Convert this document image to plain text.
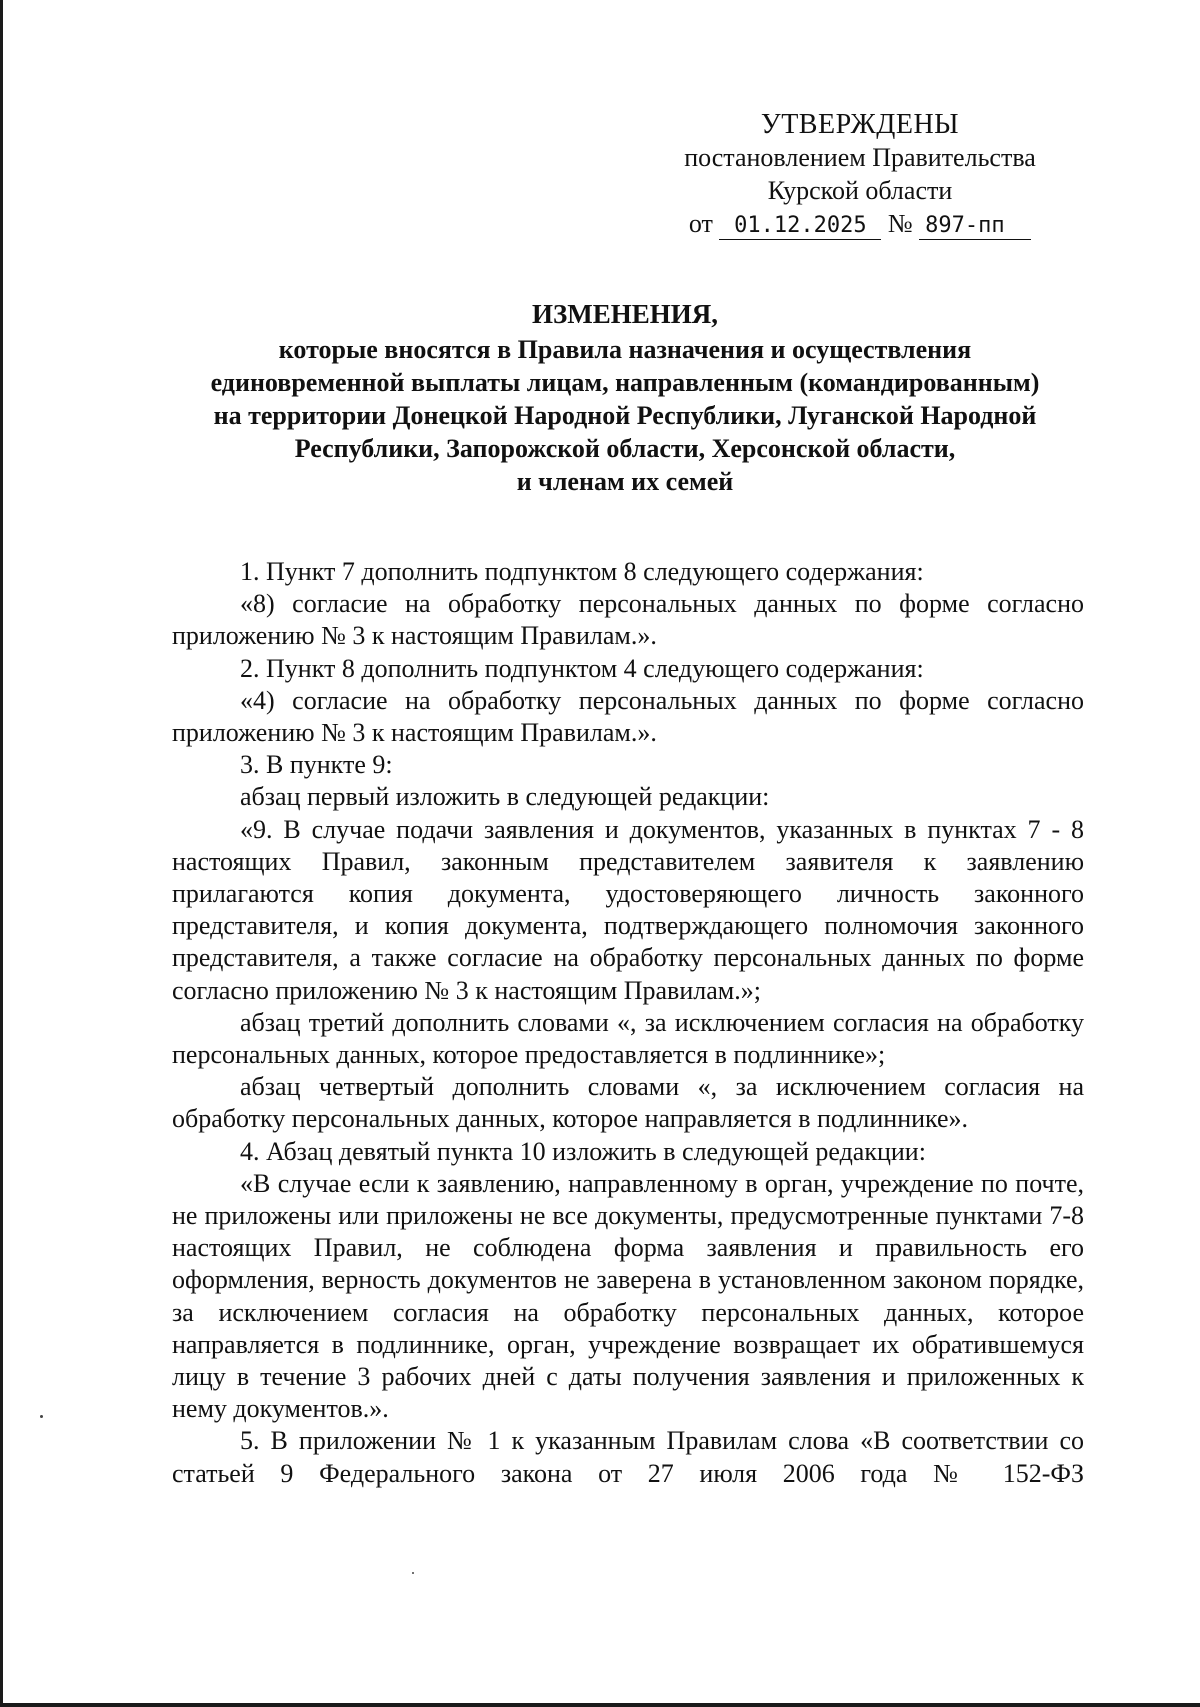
УТВЕРЖДЕНЫ
постановлением Правительства
Курской области
от 01.12.2025 № 897-пп
ИЗМЕНЕНИЯ,
которые вносятся в Правила назначения и осуществления
единовременной выплаты лицам, направленным (командированным)
на территории Донецкой Народной Республики, Луганской Народной
Республики, Запорожской области, Херсонской области,
и членам их семей

1. Пункт 7 дополнить подпунктом 8 следующего содержания:

«8) согласие на обработку персональных данных по форме согласно приложению № 3 к настоящим Правилам.».

2. Пункт 8 дополнить подпунктом 4 следующего содержания:

«4) согласие на обработку персональных данных по форме согласно приложению № 3 к настоящим Правилам.».

3. В пункте 9:

абзац первый изложить в следующей редакции:

«9. В случае подачи заявления и документов, указанных в пунктах 7 - 8 настоящих Правил, законным представителем заявителя к заявлению прилагаются копия документа, удостоверяющего личность законного представителя, и копия документа, подтверждающего полномочия законного представителя, а также согласие на обработку персональных данных по форме согласно приложению № 3 к настоящим Правилам.»;

абзац третий дополнить словами «, за исключением согласия на обработку персональных данных, которое предоставляется в подлиннике»;

абзац четвертый дополнить словами «, за исключением согласия на обработку персональных данных, которое направляется в подлиннике».

4. Абзац девятый пункта 10 изложить в следующей редакции:

«В случае если к заявлению, направленному в орган, учреждение по почте, не приложены или приложены не все документы, предусмотренные пунктами 7-8 настоящих Правил, не соблюдена форма заявления и правильность его оформления, верность документов не заверена в установленном законом порядке, за исключением согласия на обработку персональных данных, которое направляется в подлиннике, орган, учреждение возвращает их обратившемуся лицу в течение 3 рабочих дней с даты получения заявления и приложенных к нему документов.».

5. В приложении № 1 к указанным Правилам слова «В соответствии со статьей 9 Федерального закона от 27 июля 2006 года № 152-ФЗ
